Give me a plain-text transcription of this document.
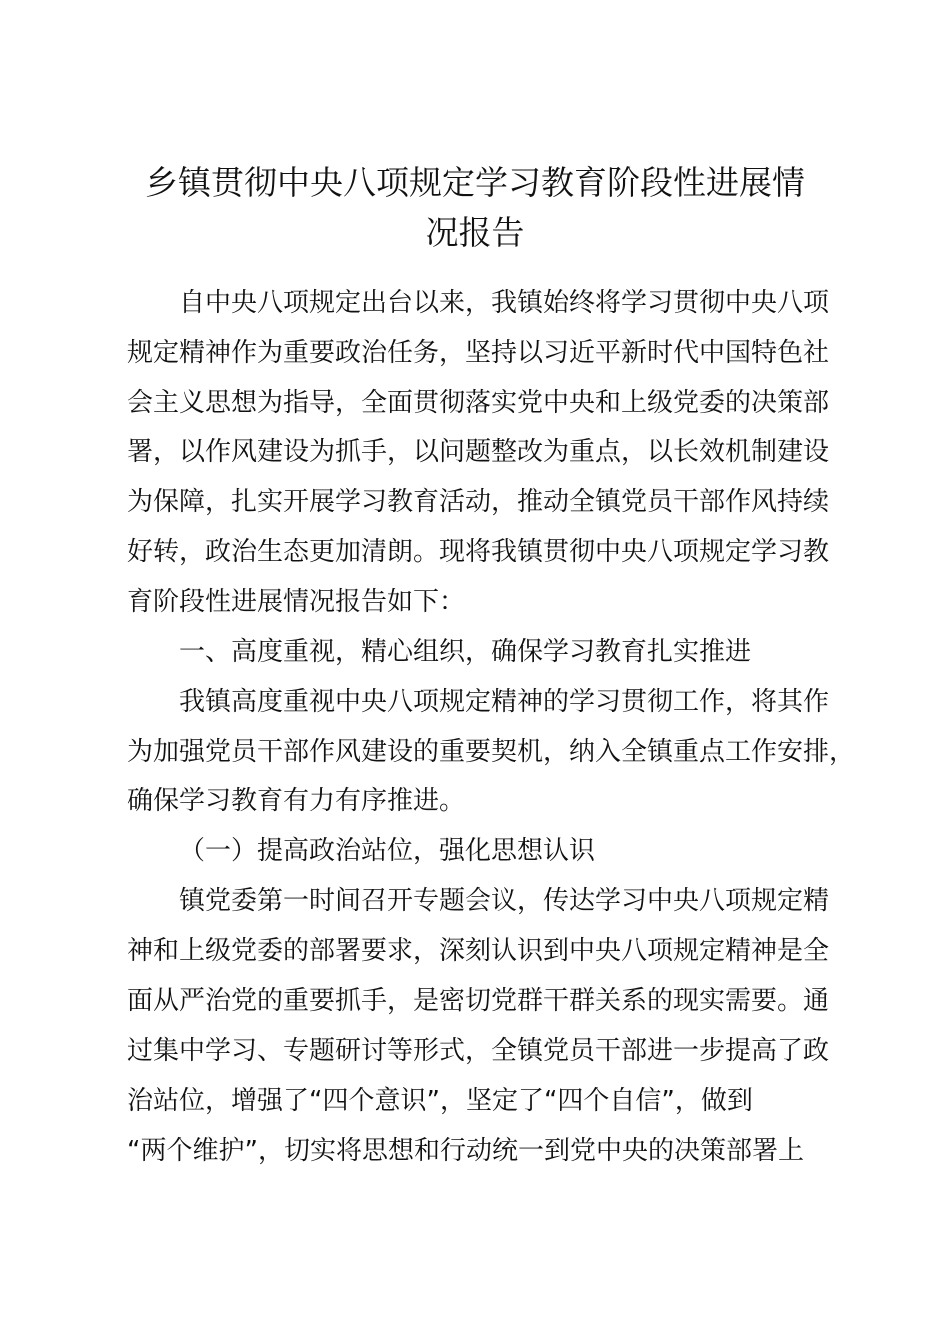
乡镇贯彻中央八项规定学习教育阶段性进展情
况报告
自中央八项规定出台以来，我镇始终将学习贯彻中央八项
规定精神作为重要政治任务，坚持以习近平新时代中国特色社
会主义思想为指导，全面贯彻落实党中央和上级党委的决策部
署，以作风建设为抓手，以问题整改为重点，以长效机制建设
为保障，扎实开展学习教育活动，推动全镇党员干部作风持续
好转，政治生态更加清朗。现将我镇贯彻中央八项规定学习教
育阶段性进展情况报告如下：
一、高度重视，精心组织，确保学习教育扎实推进
我镇高度重视中央八项规定精神的学习贯彻工作，将其作
为加强党员干部作风建设的重要契机，纳入全镇重点工作安排，
确保学习教育有力有序推进。
（一）提高政治站位，强化思想认识
镇党委第一时间召开专题会议，传达学习中央八项规定精
神和上级党委的部署要求，深刻认识到中央八项规定精神是全
面从严治党的重要抓手，是密切党群干群关系的现实需要。通
过集中学习、专题研讨等形式，全镇党员干部进一步提高了政
治站位，增强了“四个意识”，坚定了“四个自信”，做到
“两个维护”，切实将思想和行动统一到党中央的决策部署上
